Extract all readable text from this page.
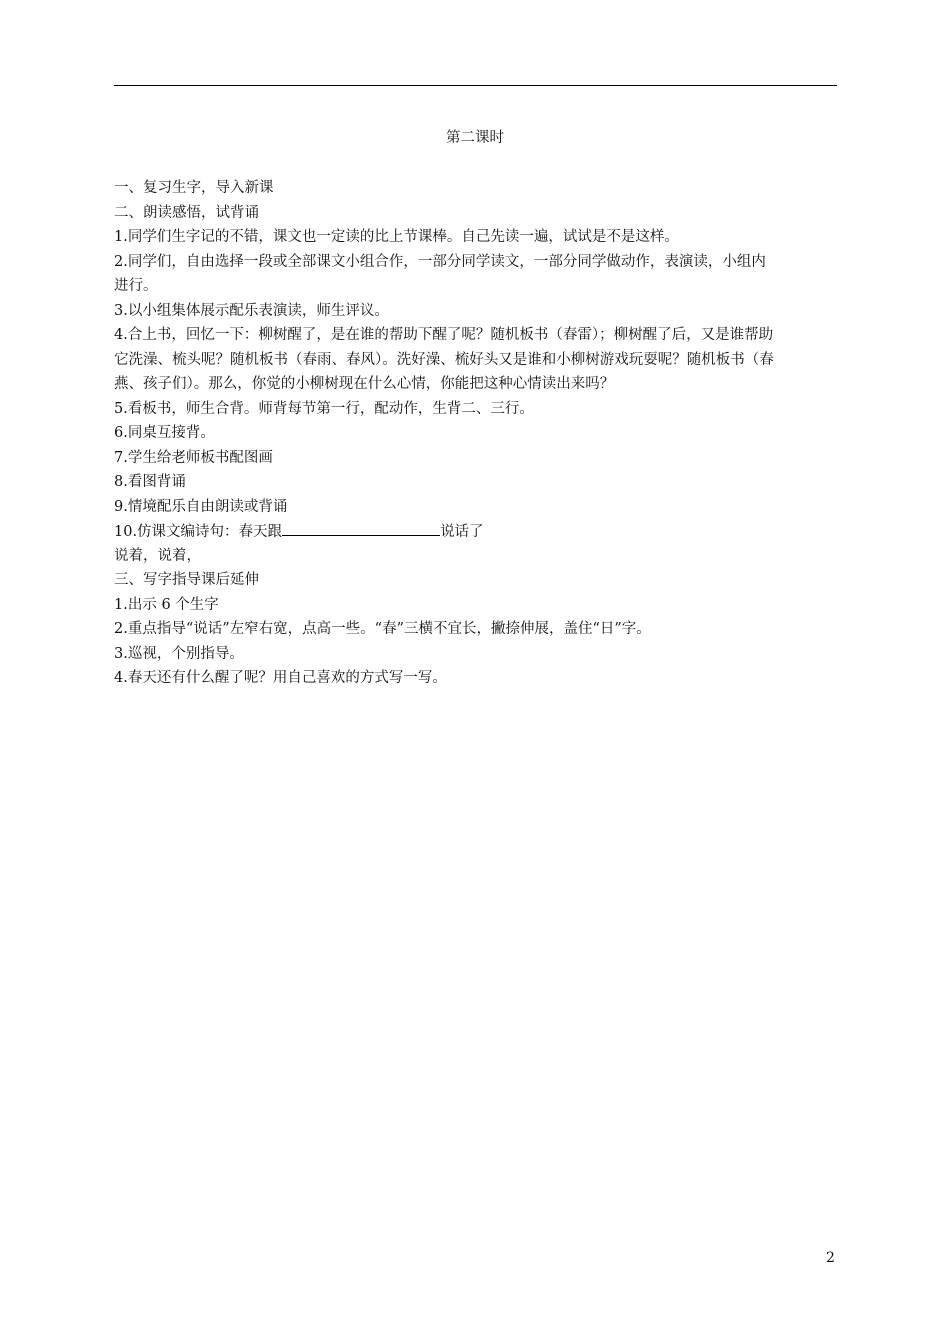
第二课时
一、复习生字，导入新课
二、朗读感悟，试背诵
1.同学们生字记的不错，课文也一定读的比上节课棒。自己先读一遍，试试是不是这样。
2.同学们，自由选择一段或全部课文小组合作，一部分同学读文，一部分同学做动作，表演读，小组内
进行。
3.以小组集体展示配乐表演读，师生评议。
4.合上书，回忆一下：柳树醒了，是在谁的帮助下醒了呢？随机板书（春雷）；柳树醒了后，又是谁帮助
它洗澡、梳头呢？随机板书（春雨、春风）。洗好澡、梳好头又是谁和小柳树游戏玩耍呢？随机板书（春
燕、孩子们）。那么，你觉的小柳树现在什么心情，你能把这种心情读出来吗？
5.看板书，师生合背。师背每节第一行，配动作，生背二、三行。
6.同桌互接背。
7.学生给老师板书配图画
8.看图背诵
9.情境配乐自由朗读或背诵
10.仿课文编诗句：春天跟	说话了
说着，说着，
三、写字指导课后延伸
1.出示 6 个生字
2.重点指导“说话”左窄右宽，点高一些。“春”三横不宜长，撇捺伸展，盖住“日”字。
3.巡视，个别指导。
4.春天还有什么醒了呢？用自己喜欢的方式写一写。
2
